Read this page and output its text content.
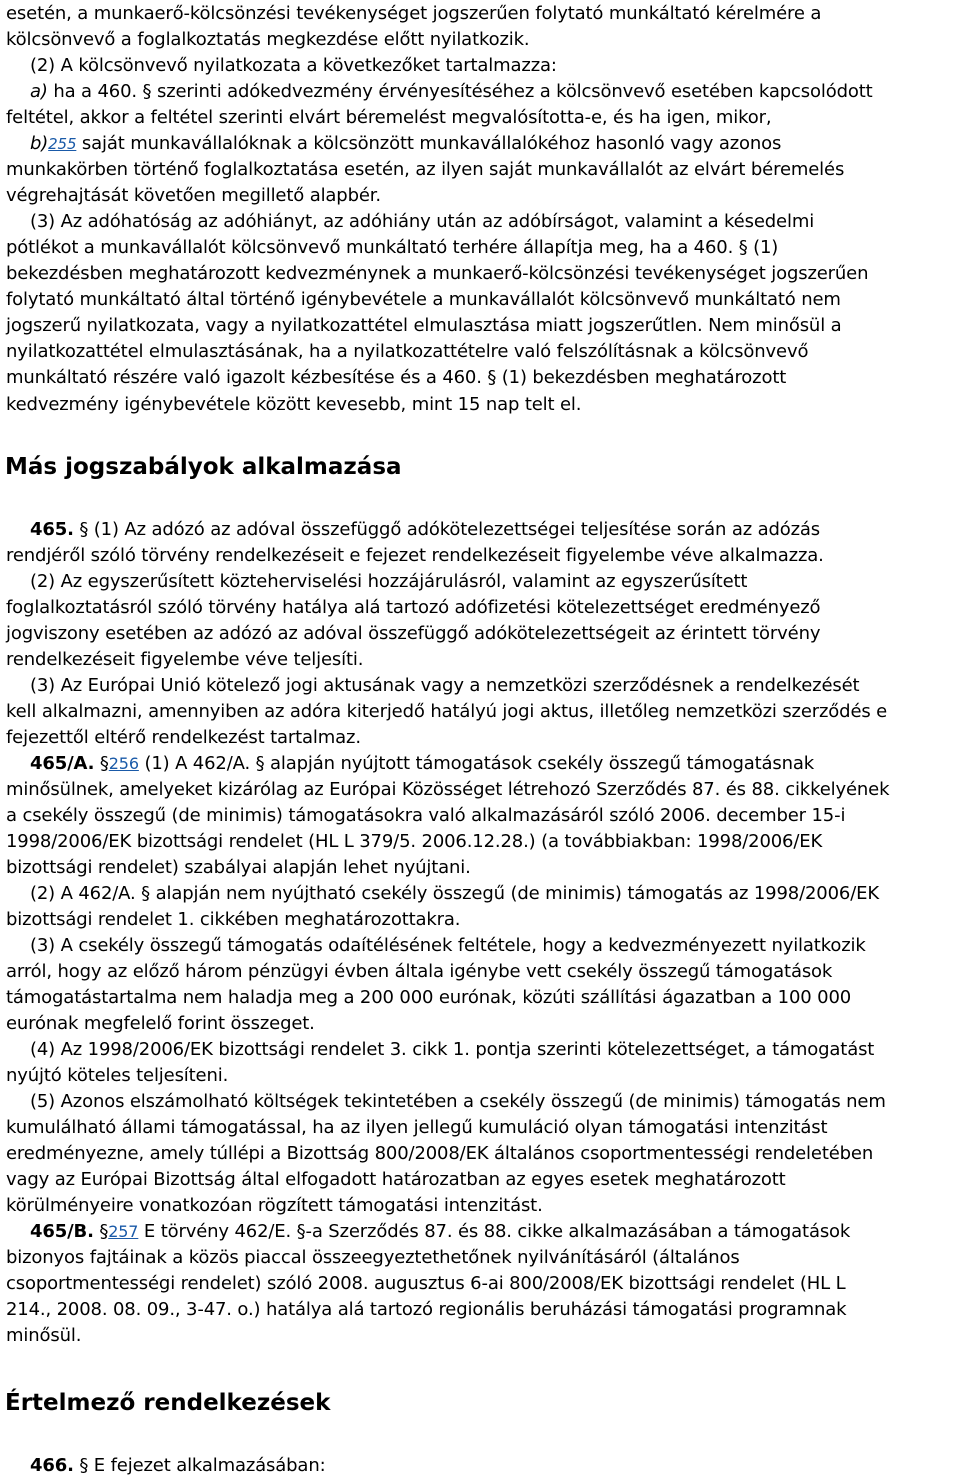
esetén, a munkaerő-kölcsönzési tevékenységet jogszerűen folytató munkáltató kérelmére a

kölcsönvevő a foglalkoztatás megkezdése előtt nyilatkozik.

(2) A kölcsönvevő nyilatkozata a következőket tartalmazza:

a) ha a 460. § szerinti adókedvezmény érvényesítéséhez a kölcsönvevő esetében kapcsolódott

feltétel, akkor a feltétel szerinti elvárt béremelést megvalósította-e, és ha igen, mikor,

b)255 saját munkavállalóknak a kölcsönzött munkavállalókéhoz hasonló vagy azonos

munkakörben történő foglalkoztatása esetén, az ilyen saját munkavállalót az elvárt béremelés

végrehajtását követően megillető alapbér.

(3) Az adóhatóság az adóhiányt, az adóhiány után az adóbírságot, valamint a késedelmi

pótlékot a munkavállalót kölcsönvevő munkáltató terhére állapítja meg, ha a 460. § (1)

bekezdésben meghatározott kedvezménynek a munkaerő-kölcsönzési tevékenységet jogszerűen

folytató munkáltató által történő igénybevétele a munkavállalót kölcsönvevő munkáltató nem

jogszerű nyilatkozata, vagy a nyilatkozattétel elmulasztása miatt jogszerűtlen. Nem minősül a

nyilatkozattétel elmulasztásának, ha a nyilatkozattételre való felszólításnak a kölcsönvevő

munkáltató részére való igazolt kézbesítése és a 460. § (1) bekezdésben meghatározott

kedvezmény igénybevétele között kevesebb, mint 15 nap telt el.

Más jogszabályok alkalmazása

465. § (1) Az adózó az adóval összefüggő adókötelezettségei teljesítése során az adózás

rendjéről szóló törvény rendelkezéseit e fejezet rendelkezéseit figyelembe véve alkalmazza.

(2) Az egyszerűsített közteherviselési hozzájárulásról, valamint az egyszerűsített

foglalkoztatásról szóló törvény hatálya alá tartozó adófizetési kötelezettséget eredményező

jogviszony esetében az adózó az adóval összefüggő adókötelezettségeit az érintett törvény

rendelkezéseit figyelembe véve teljesíti.

(3) Az Európai Unió kötelező jogi aktusának vagy a nemzetközi szerződésnek a rendelkezését

kell alkalmazni, amennyiben az adóra kiterjedő hatályú jogi aktus, illetőleg nemzetközi szerződés e

fejezettől eltérő rendelkezést tartalmaz.

465/A. §256 (1) A 462/A. § alapján nyújtott támogatások csekély összegű támogatásnak

minősülnek, amelyeket kizárólag az Európai Közösséget létrehozó Szerződés 87. és 88. cikkelyének

a csekély összegű (de minimis) támogatásokra való alkalmazásáról szóló 2006. december 15-i

1998/2006/EK bizottsági rendelet (HL L 379/5. 2006.12.28.) (a továbbiakban: 1998/2006/EK

bizottsági rendelet) szabályai alapján lehet nyújtani.

(2) A 462/A. § alapján nem nyújtható csekély összegű (de minimis) támogatás az 1998/2006/EK

bizottsági rendelet 1. cikkében meghatározottakra.

(3) A csekély összegű támogatás odaítélésének feltétele, hogy a kedvezményezett nyilatkozik

arról, hogy az előző három pénzügyi évben általa igénybe vett csekély összegű támogatások

támogatástartalma nem haladja meg a 200 000 eurónak, közúti szállítási ágazatban a 100 000

eurónak megfelelő forint összeget.

(4) Az 1998/2006/EK bizottsági rendelet 3. cikk 1. pontja szerinti kötelezettséget, a támogatást

nyújtó köteles teljesíteni.

(5) Azonos elszámolható költségek tekintetében a csekély összegű (de minimis) támogatás nem

kumulálható állami támogatással, ha az ilyen jellegű kumuláció olyan támogatási intenzitást

eredményezne, amely túllépi a Bizottság 800/2008/EK általános csoportmentességi rendeletében

vagy az Európai Bizottság által elfogadott határozatban az egyes esetek meghatározott

körülményeire vonatkozóan rögzített támogatási intenzitást.

465/B. §257 E törvény 462/E. §-a Szerződés 87. és 88. cikke alkalmazásában a támogatások

bizonyos fajtáinak a közös piaccal összeegyeztethetőnek nyilvánításáról (általános

csoportmentességi rendelet) szóló 2008. augusztus 6-ai 800/2008/EK bizottsági rendelet (HL L

214., 2008. 08. 09., 3-47. o.) hatálya alá tartozó regionális beruházási támogatási programnak

minősül.

Értelmező rendelkezések

466. § E fejezet alkalmazásában:
